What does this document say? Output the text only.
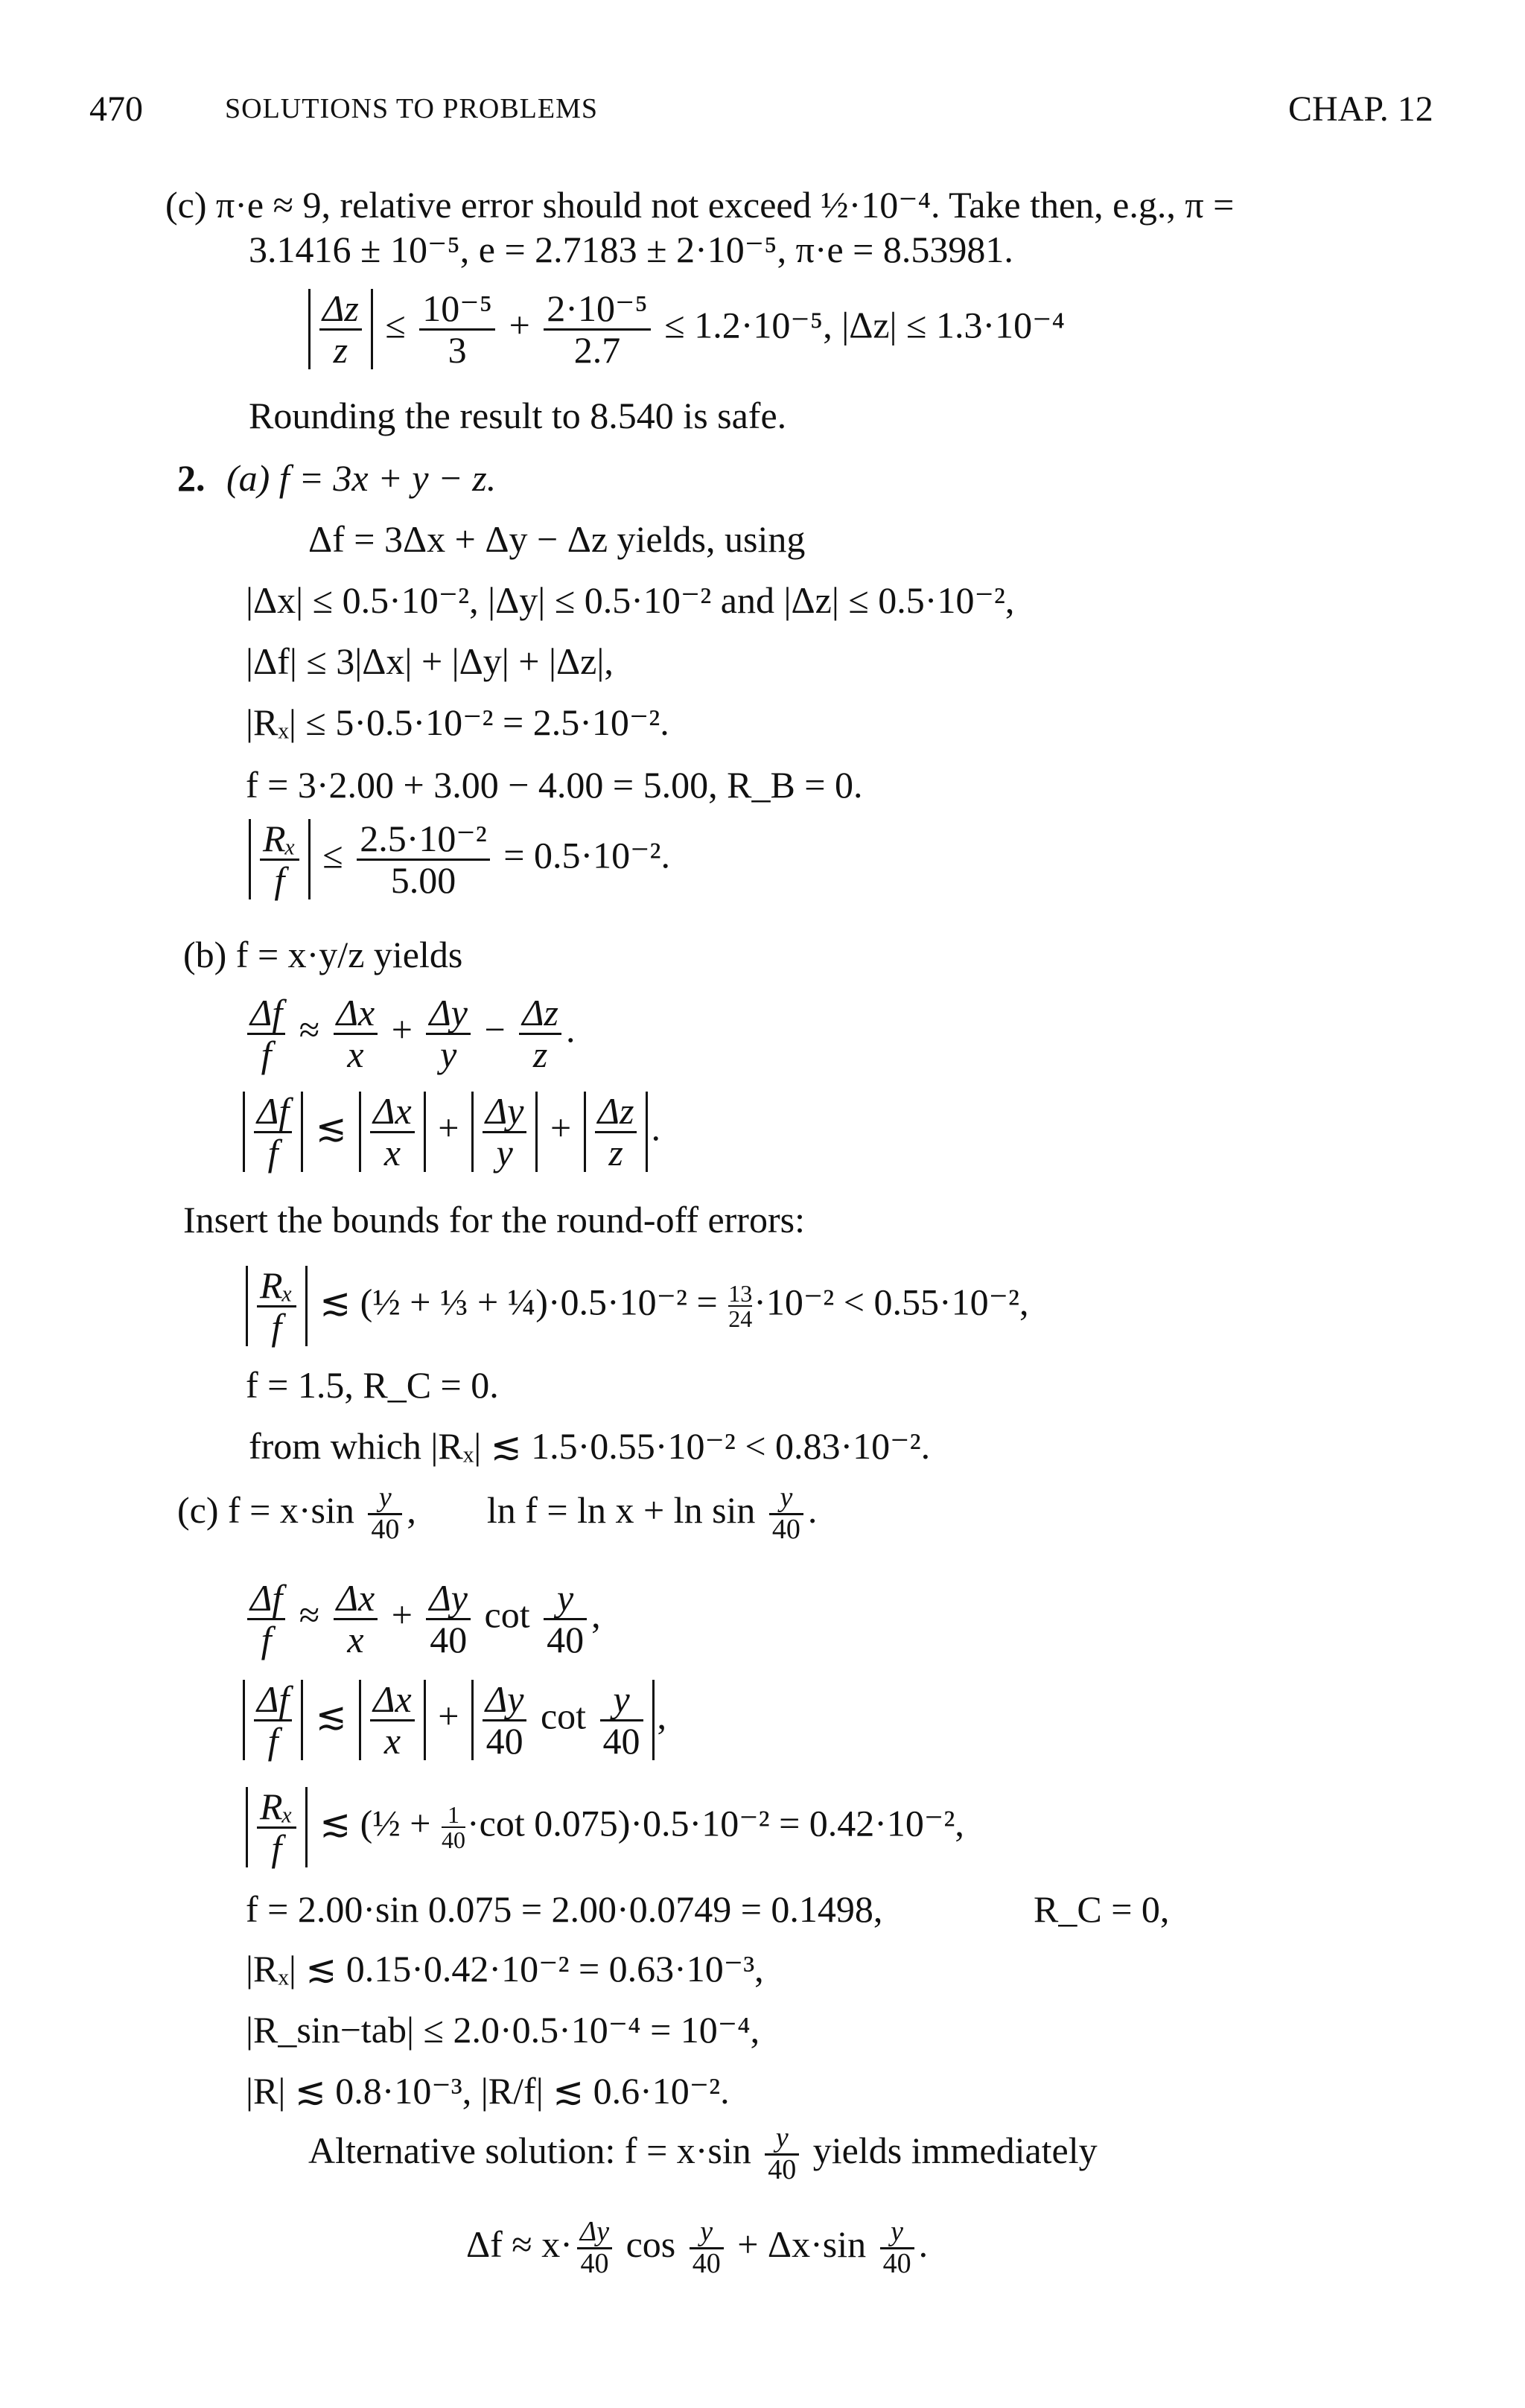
470	SOLUTIONS TO PROBLEMS	CHAP. 12
(c) π·e ≈ 9, relative error should not exceed ½·10⁻⁴. Take then, e.g., π =
3.1416 ± 10⁻⁵, e = 2.7183 ± 2·10⁻⁵, π·e = 8.53981.
$\frac{\Delta z}{z} \le \frac{\text{10⁻⁵}}{3} + \frac{\text{2·10⁻⁵}}{2.7} \le 1.2\cdot 10^{-5}$, |Δz| ≤ 1.3·10⁻⁴
Rounding the result to 8.540 is safe.
2. (a) f = 3x + y − z.
Δf = 3Δx + Δy − Δz yields, using
|Δx| ≤ 0.5·10⁻², |Δy| ≤ 0.5·10⁻² and |Δz| ≤ 0.5·10⁻²,
|Δf| ≤ 3|Δx| + |Δy| + |Δz|,
|Rₓ| ≤ 5·0.5·10⁻² = 2.5·10⁻².
f = 3·2.00 + 3.00 − 4.00 = 5.00, R_B = 0.
$\frac{\text{Rₓ}}{f} \le \frac{\text{2.5·10⁻²}}{5.00} = 0.5\cdot 10^{-2}$.
(b) f = x·y/z yields
$\frac{\Delta f}{f} \approx \frac{\Delta x}{x} + \frac{\Delta y}{y} - \frac{\Delta z}{z}$ .
$\frac{\Delta f}{f}$ ≲ $\frac{\Delta x}{x} + \frac{\Delta y}{y} + \frac{\Delta z}{z}$ .
Insert the bounds for the round-off errors:
$\frac{\text{Rₓ}}{f}$ ≲ (½ + ⅓ + ¼)·0.5·10⁻² = $\frac{13}{24} \cdot 10^{-2} < 0.55\cdot 10^{-2}$,
f = 1.5, R_C = 0.
from which |Rₓ| ≲ 1.5·0.55·10⁻² < 0.83·10⁻².
(c) $f = x\cdot\sin \frac{y}{40}$ , $\ln f = \ln x + \ln \sin \frac{y}{40}$ .
$\frac{\Delta f}{f} \approx \frac{\Delta x}{x} + \frac{\Delta y}{40}$ $\cot \frac{y}{40}$ ,
$\frac{\Delta f}{f}$ ≲ $\frac{\Delta x}{x} + \frac{\Delta y}{40}$ $\cot \frac{y}{40}$ ,
$\frac{\text{Rₓ}}{f}$ ≲ (½ + $\frac{1}{40} \cdot\cot$ 0.075)·0.5·10⁻² = 0.42·10⁻²,
f = 2.00·sin 0.075 = 2.00·0.0749 = 0.1498,	R_C = 0,
|Rₓ| ≲ 0.15·0.42·10⁻² = 0.63·10⁻³,
|R_sin−tab| ≤ 2.0·0.5·10⁻⁴ = 10⁻⁴,
|R| ≲ 0.8·10⁻³, |R/f| ≲ 0.6·10⁻².
Alternative solution: $f = x\cdot\sin \frac{y}{40}$ yields immediately
$\Delta f \approx x\cdot \frac{\Delta y}{40}$ $\cos \frac{y}{40} + \Delta x\cdot\sin \frac{y}{40}$ .
